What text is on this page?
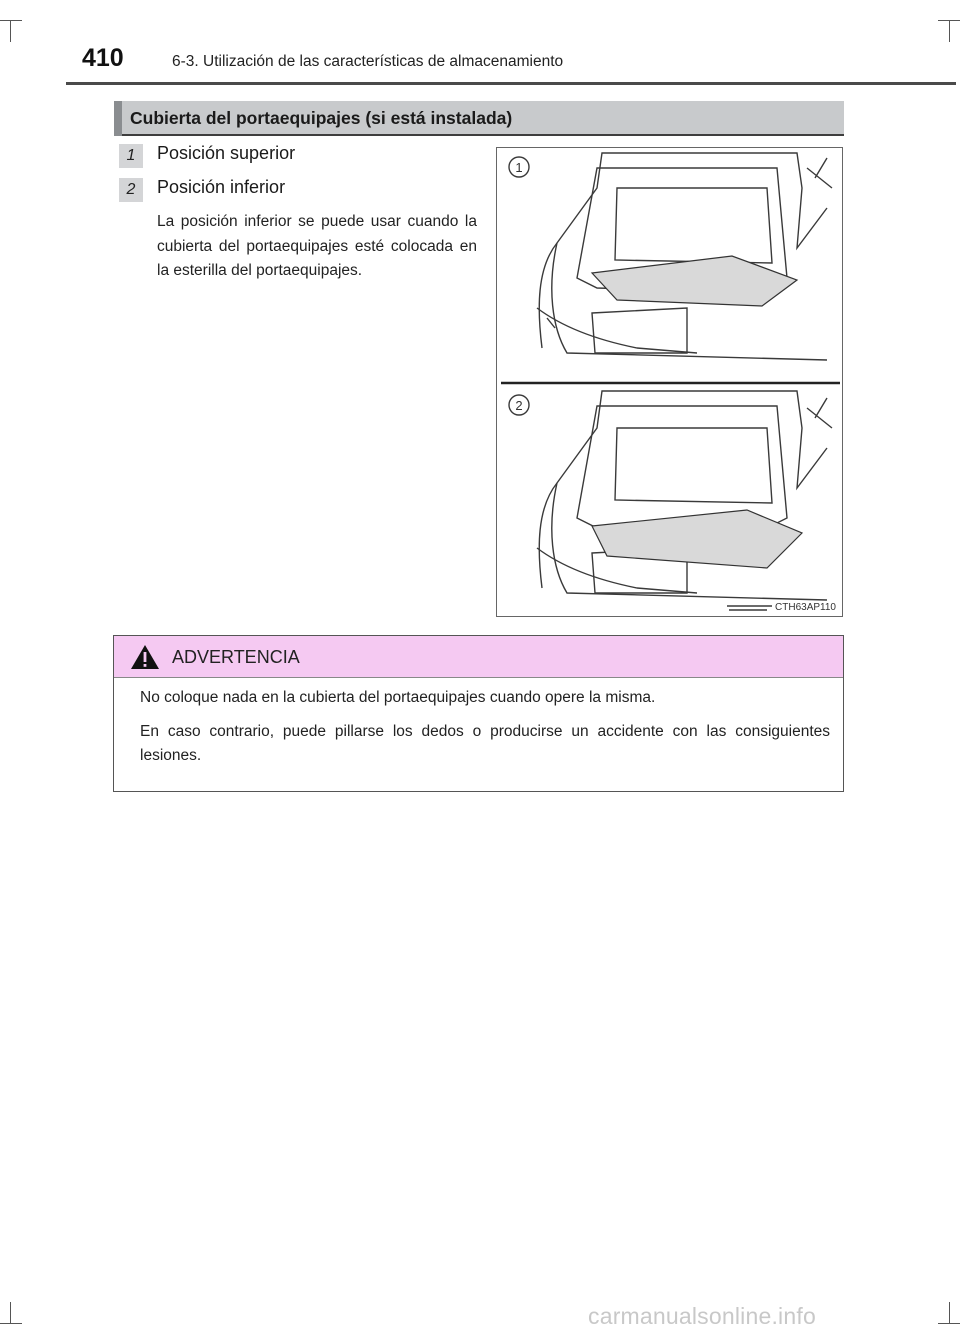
410	6-3. Utilización de las características de almacenamiento
Cubierta del portaequipajes (si está instalada)
1	Posición superior
2	Posición inferior
La posición inferior se puede usar cuando la cubierta del portaequipajes esté colocada en la esterilla del portaequipajes.
1
2
CTH63AP110
ADVERTENCIA
No coloque nada en la cubierta del portaequipajes cuando opere la misma.
En caso contrario, puede pillarse los dedos o producirse un accidente con las consiguientes lesiones.
carmanualsonline.info
